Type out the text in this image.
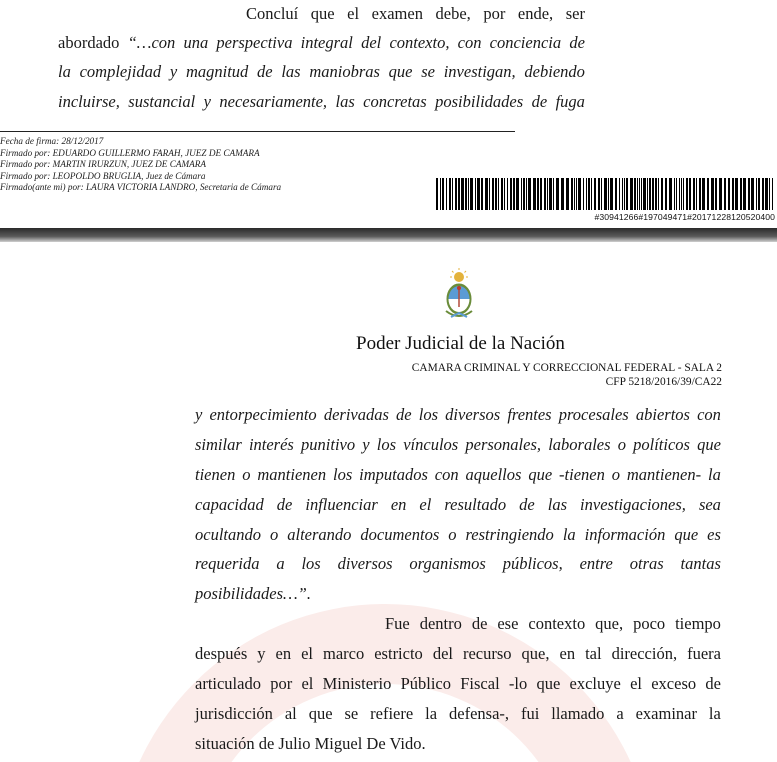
Concluí que el examen debe, por ende, ser
abordado “…con una perspectiva integral del contexto, con conciencia de
la complejidad y magnitud de las maniobras que se investigan, debiendo
incluirse, sustancial y necesariamente, las concretas posibilidades de fuga
Fecha de firma: 28/12/2017
Firmado por: EDUARDO GUILLERMO FARAH, JUEZ DE CAMARA
Firmado por: MARTIN IRURZUN, JUEZ DE CAMARA
Firmado por: LEOPOLDO BRUGLIA, Juez de Cámara
Firmado(ante mi) por: LAURA VICTORIA LANDRO, Secretaria de Cámara
#30941266#197049471#20171228120520400
Poder Judicial de la Nación
CAMARA CRIMINAL Y CORRECCIONAL FEDERAL - SALA 2
CFP 5218/2016/39/CA22
y entorpecimiento derivadas de los diversos frentes procesales abiertos con
similar interés punitivo y los vínculos personales, laborales o políticos que
tienen o mantienen los imputados con aquellos que -tienen o mantienen- la
capacidad de influenciar en el resultado de las investigaciones, sea
ocultando o alterando documentos o restringiendo la información que es
requerida a los diversos organismos públicos, entre otras tantas
posibilidades…”.
Fue dentro de ese contexto que, poco tiempo
después y en el marco estricto del recurso que, en tal dirección, fuera
articulado por el Ministerio Público Fiscal -lo que excluye el exceso de
jurisdicción al que se refiere la defensa-, fui llamado a examinar la
situación de Julio Miguel De Vido.
